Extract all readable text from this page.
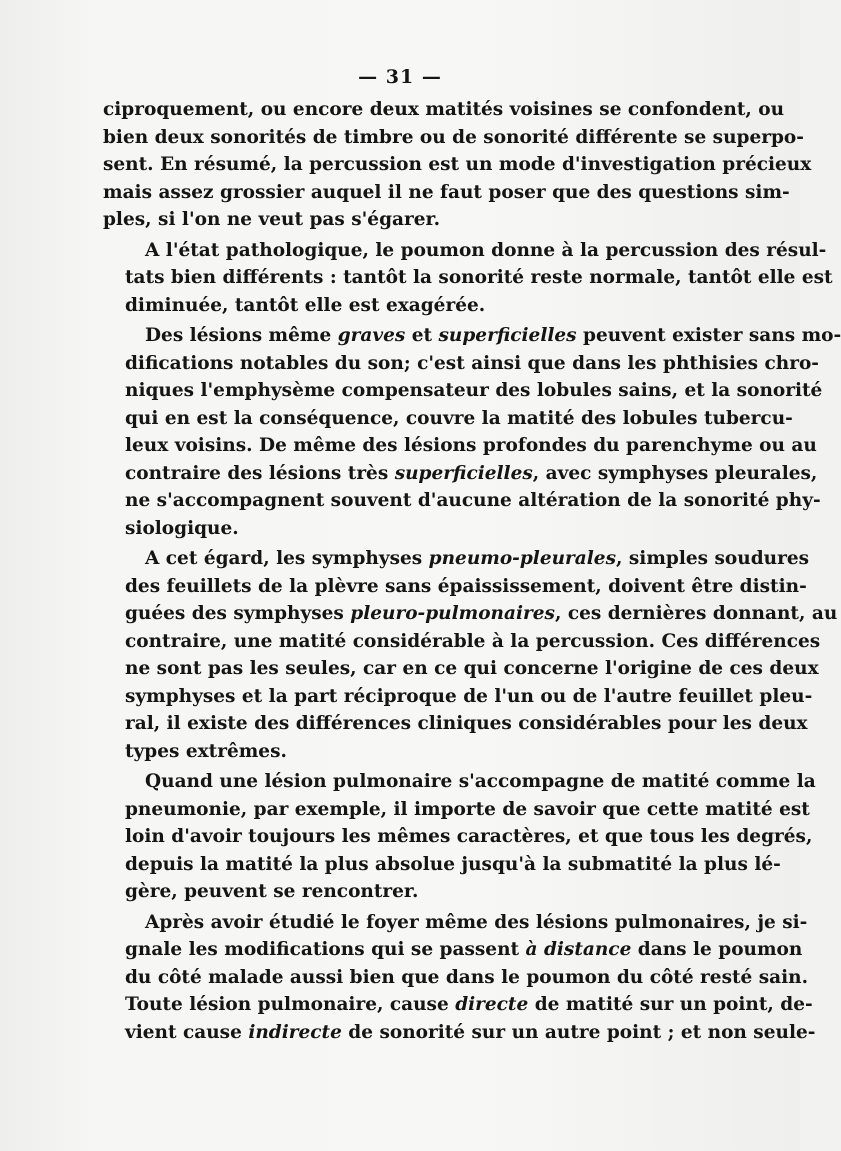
— 31 —
ciproquement, ou encore deux matités voisines se confondent, ou
bien deux sonorités de timbre ou de sonorité différente se superpo-
sent. En résumé, la percussion est un mode d'investigation précieux
mais assez grossier auquel il ne faut poser que des questions sim-
ples, si l'on ne veut pas s'égarer.
A l'état pathologique, le poumon donne à la percussion des résul-
tats bien différents : tantôt la sonorité reste normale, tantôt elle est
diminuée, tantôt elle est exagérée.
Des lésions même graves et superficielles peuvent exister sans mo-
difications notables du son; c'est ainsi que dans les phthisies chro-
niques l'emphysème compensateur des lobules sains, et la sonorité
qui en est la conséquence, couvre la matité des lobules tubercu-
leux voisins. De même des lésions profondes du parenchyme ou au
contraire des lésions très superficielles, avec symphyses pleurales,
ne s'accompagnent souvent d'aucune altération de la sonorité phy-
siologique.
A cet égard, les symphyses pneumo-pleurales, simples soudures
des feuillets de la plèvre sans épaississement, doivent être distin-
guées des symphyses pleuro-pulmonaires, ces dernières donnant, au
contraire, une matité considérable à la percussion. Ces différences
ne sont pas les seules, car en ce qui concerne l'origine de ces deux
symphyses et la part réciproque de l'un ou de l'autre feuillet pleu-
ral, il existe des différences cliniques considérables pour les deux
types extrêmes.
Quand une lésion pulmonaire s'accompagne de matité comme la
pneumonie, par exemple, il importe de savoir que cette matité est
loin d'avoir toujours les mêmes caractères, et que tous les degrés,
depuis la matité la plus absolue jusqu'à la submatité la plus lé-
gère, peuvent se rencontrer.
Après avoir étudié le foyer même des lésions pulmonaires, je si-
gnale les modifications qui se passent à distance dans le poumon
du côté malade aussi bien que dans le poumon du côté resté sain.
Toute lésion pulmonaire, cause directe de matité sur un point, de-
vient cause indirecte de sonorité sur un autre point ; et non seule-
